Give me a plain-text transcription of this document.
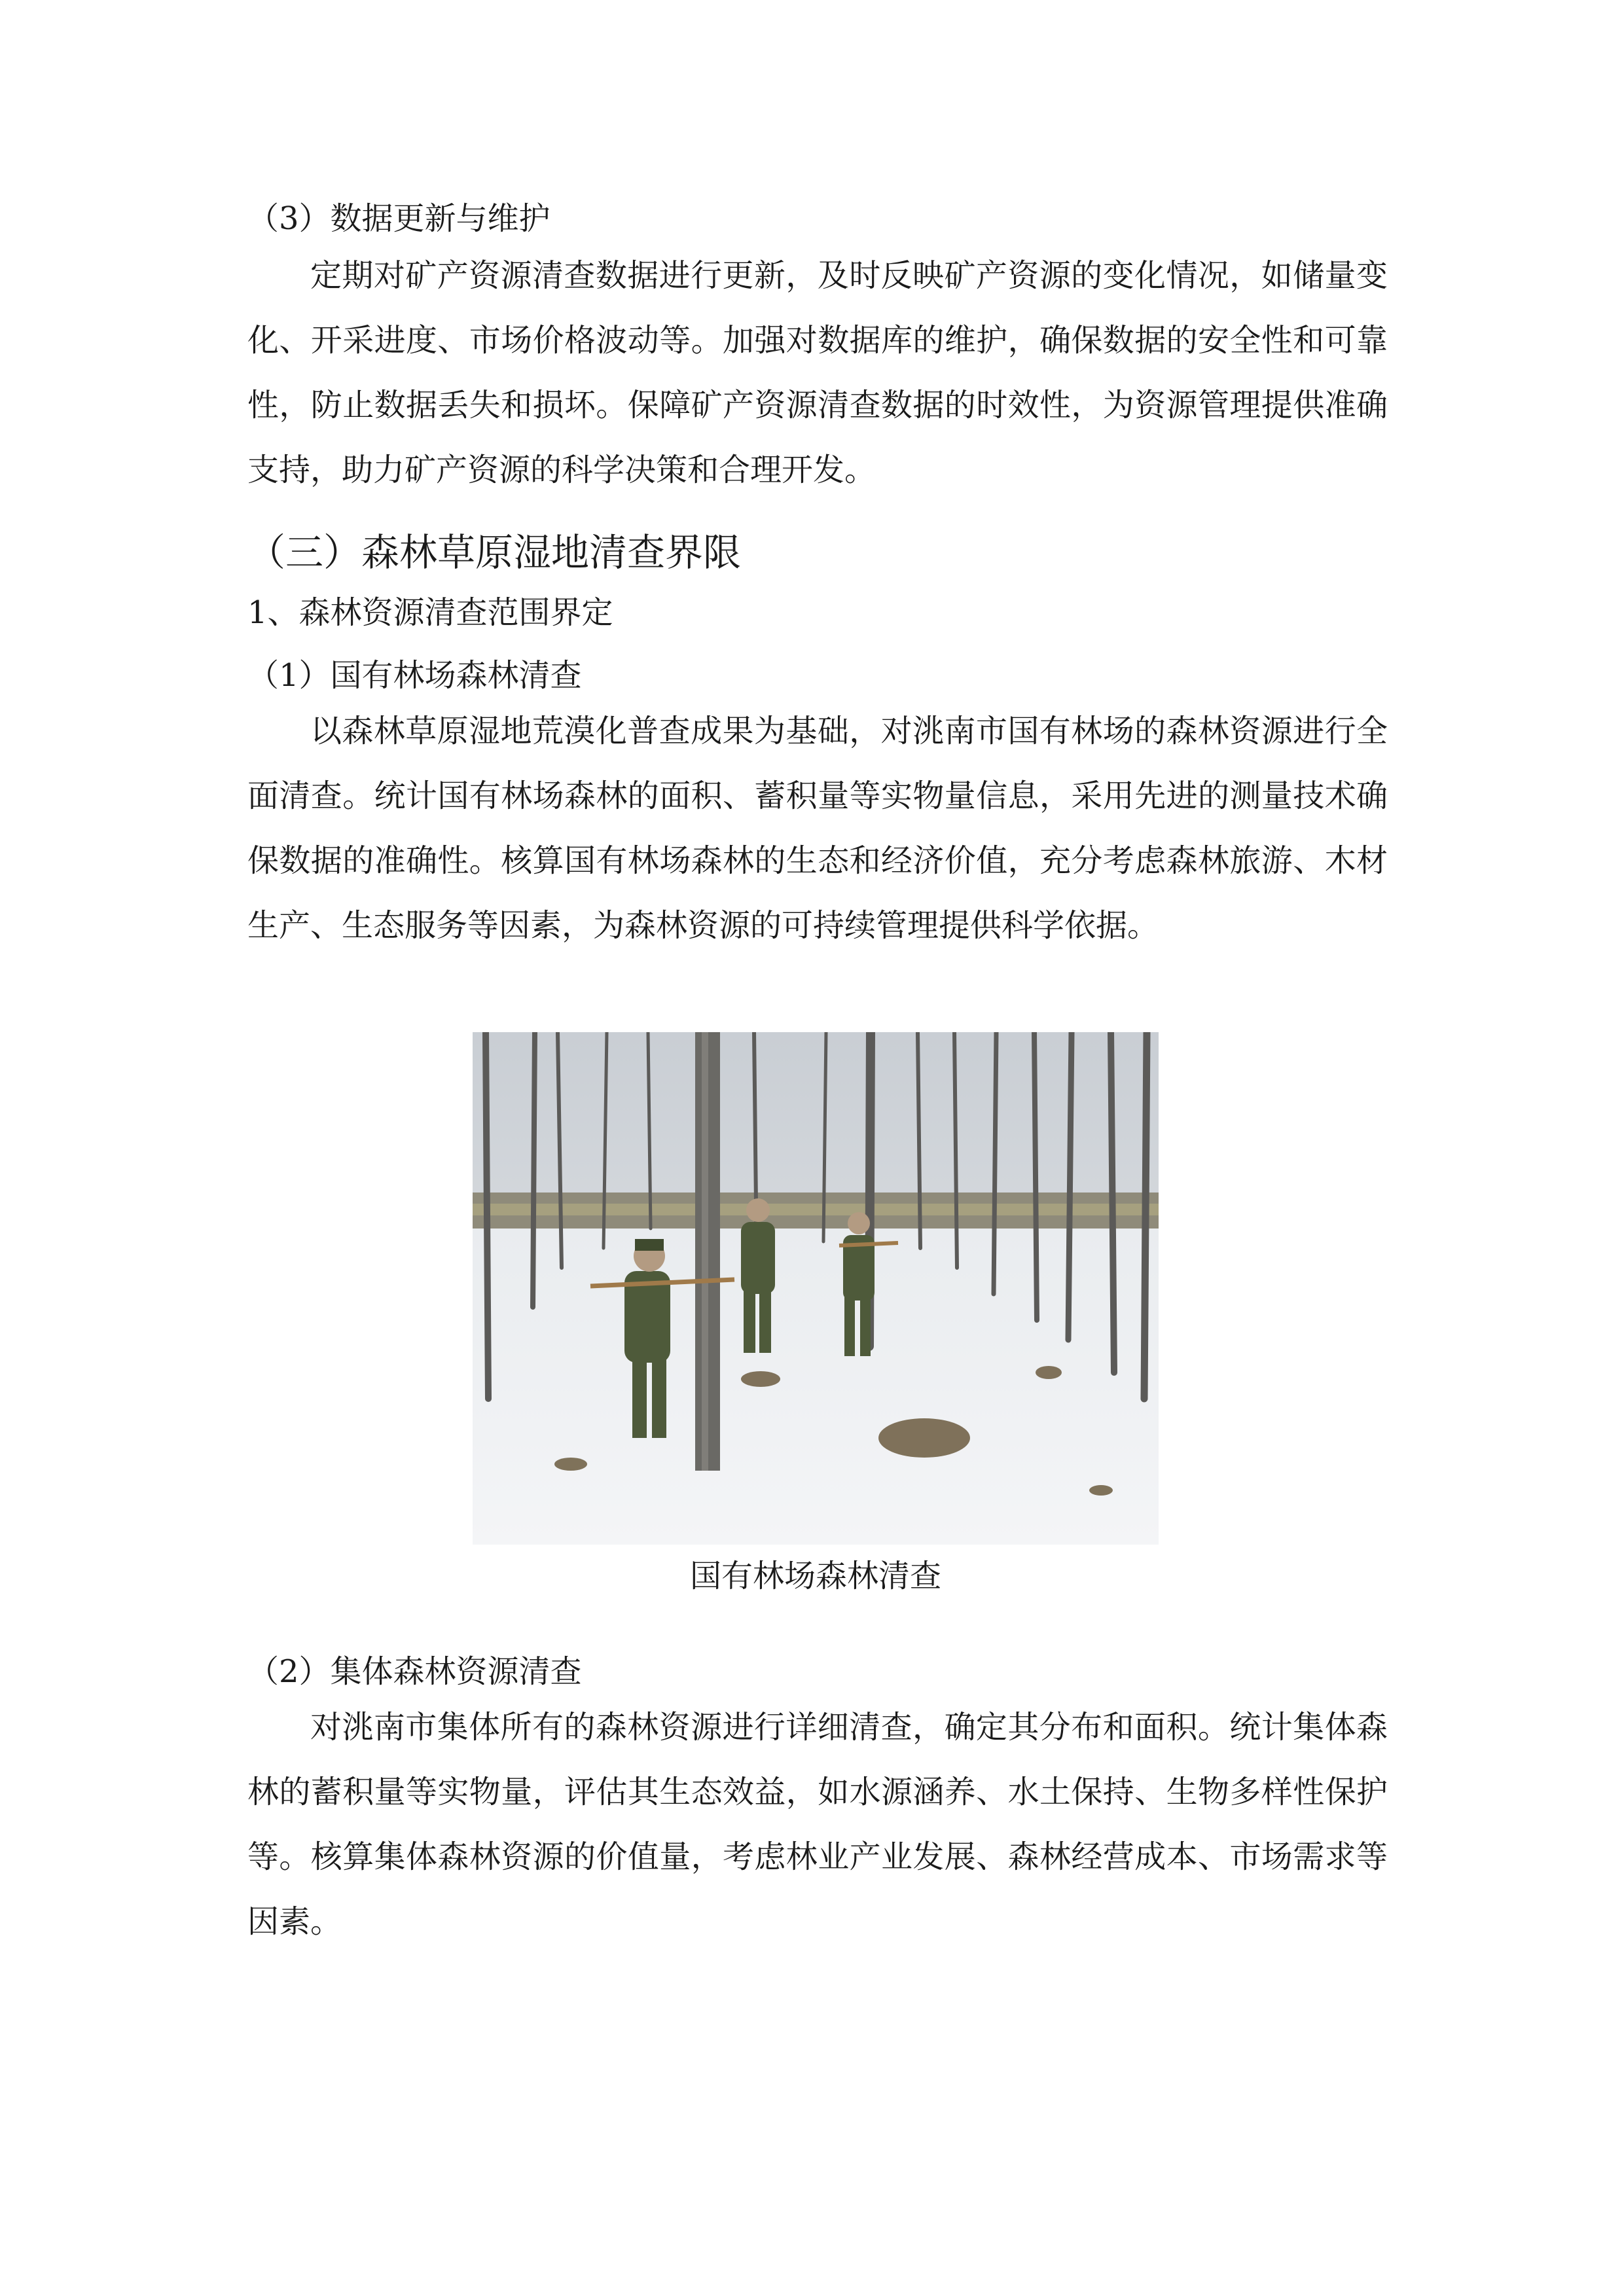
（3）数据更新与维护

定期对矿产资源清查数据进行更新，及时反映矿产资源的变化情况，如储量变化、开采进度、市场价格波动等。加强对数据库的维护，确保数据的安全性和可靠性，防止数据丢失和损坏。保障矿产资源清查数据的时效性，为资源管理提供准确支持，助力矿产资源的科学决策和合理开发。

（三）森林草原湿地清查界限
1、森林资源清查范围界定
（1）国有林场森林清查

以森林草原湿地荒漠化普查成果为基础，对洮南市国有林场的森林资源进行全面清查。统计国有林场森林的面积、蓄积量等实物量信息，采用先进的测量技术确保数据的准确性。核算国有林场森林的生态和经济价值，充分考虑森林旅游、木材生产、生态服务等因素，为森林资源的可持续管理提供科学依据。

国有林场森林清查
（2）集体森林资源清查

对洮南市集体所有的森林资源进行详细清查，确定其分布和面积。统计集体森林的蓄积量等实物量，评估其生态效益，如水源涵养、水土保持、生物多样性保护等。核算集体森林资源的价值量，考虑林业产业发展、森林经营成本、市场需求等因素。
